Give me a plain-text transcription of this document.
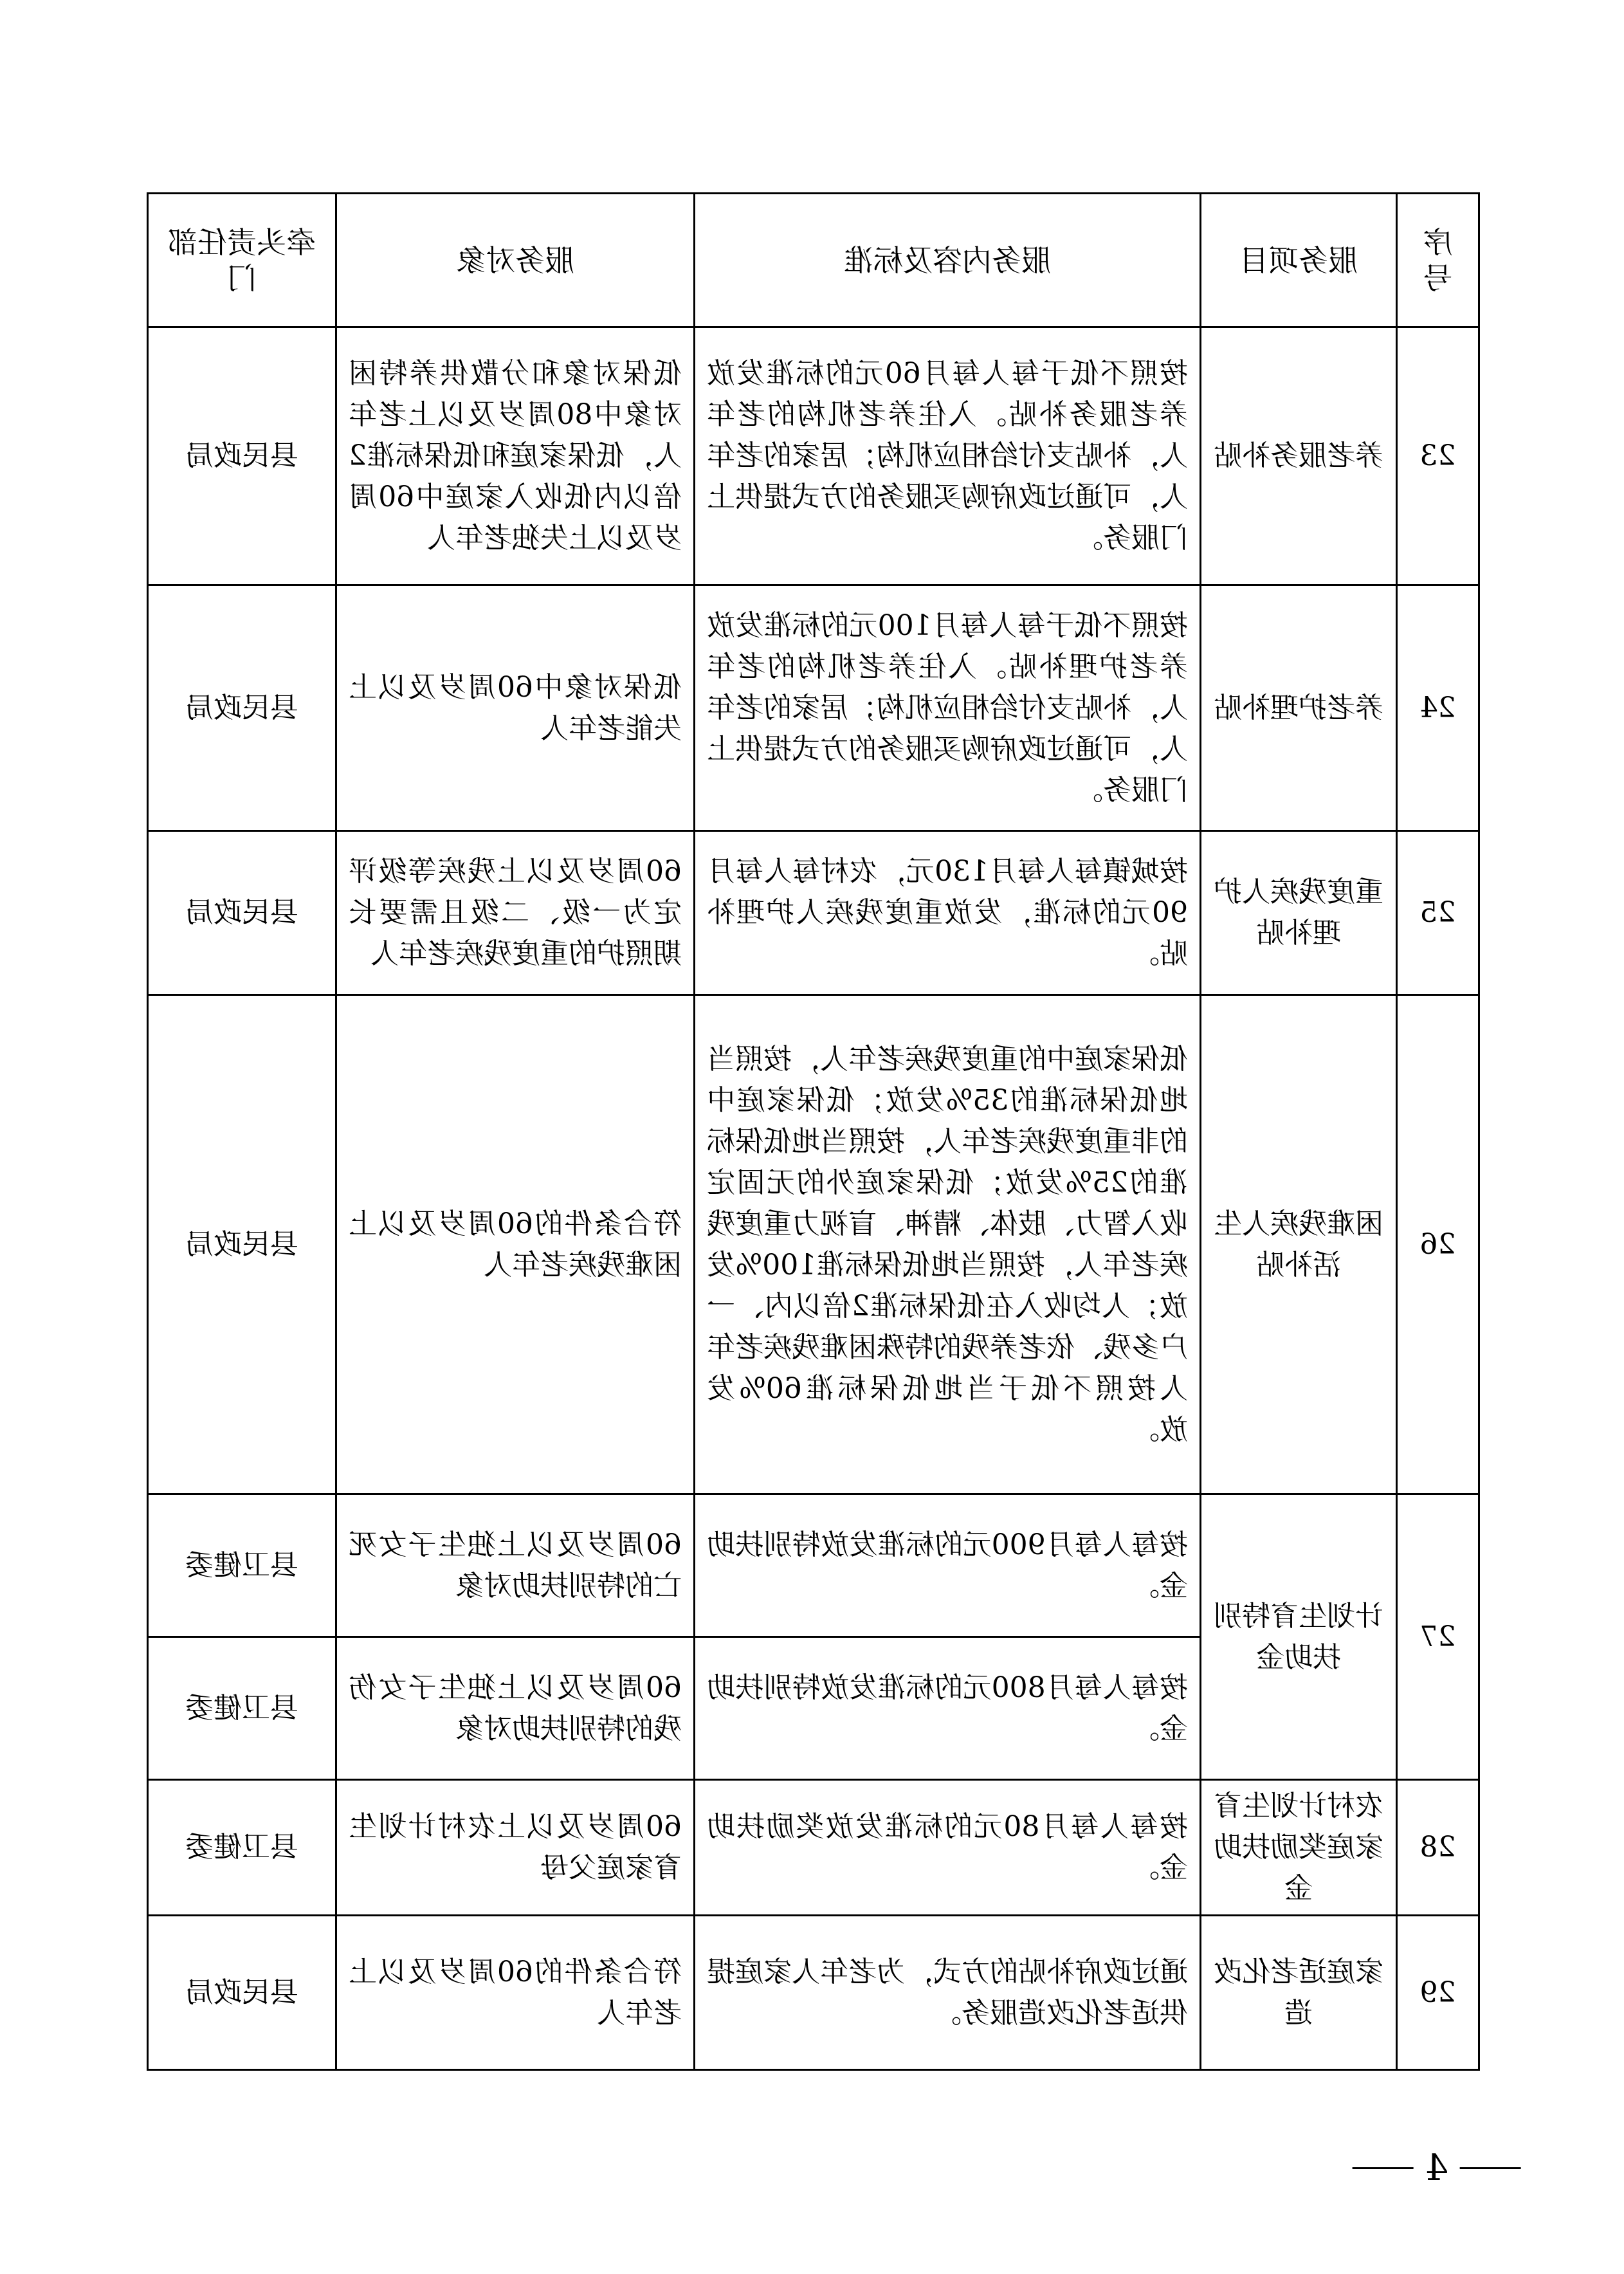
序号	服务项目	服务内容及标准	服务对象	牵头责任部门
23	养老服务补贴	按照不低于每人每月60元的标准发放养老服务补贴。入住养老机构的老年人，补贴支付给相应机构；居家的老年人，可通过政府购买服务的方式提供上门服务。	低保对象和分散供养特困对象中80周岁及以上老年人，低保家庭和低保标准2倍以内低收入家庭中60周岁及以上失独老年人	县民政局
24	养老护理补贴	按照不低于每人每月100元的标准发放养老护理补贴。入住养老机构的老年人，补贴支付给相应机构；居家的老年人，可通过政府购买服务的方式提供上门服务。	低保对象中60周岁及以上失能老年人	县民政局
25	重度残疾人护理补贴	按城镇每人每月130元，农村每人每月90元的标准，发放重度残疾人护理补贴。	60周岁及以上残疾等级评定为一级、二级且需要长期照护的重度残疾老年人	县民政局
26	困难残疾人生活补贴	低保家庭中的重度残疾老年人，按照当地低保标准的35%发放；低保家庭中的非重度残疾老年人，按照当地低保标准的25%发放；低保家庭外的无固定收入智力、肢体、精神、盲视力重度残疾老年人，按照当地低保标准100%发放；人均收入在低保标准2倍以内、一户多残、依老养残的特殊困难残疾老年人按照不低于当地低保标准60%发放。	符合条件的60周岁及以上困难残疾老年人	县民政局
27	计划生育特别扶助金	按每人每月900元的标准发放特别扶助金。	60周岁及以上独生子女死亡的特别扶助对象	县卫健委
		按每人每月800元的标准发放特别扶助金。	60周岁及以上独生子女伤残的特别扶助对象	县卫健委
28	农村计划生育家庭奖励扶助金	按每人每月80元的标准发放奖励扶助金。	60周岁及以上农村计划生育家庭父母	县卫健委
29	家庭适老化改造	通过政府补贴的方式，为老年人家庭提供适老化改造服务。	符合条件的60周岁及以上老年人	县民政局
4
